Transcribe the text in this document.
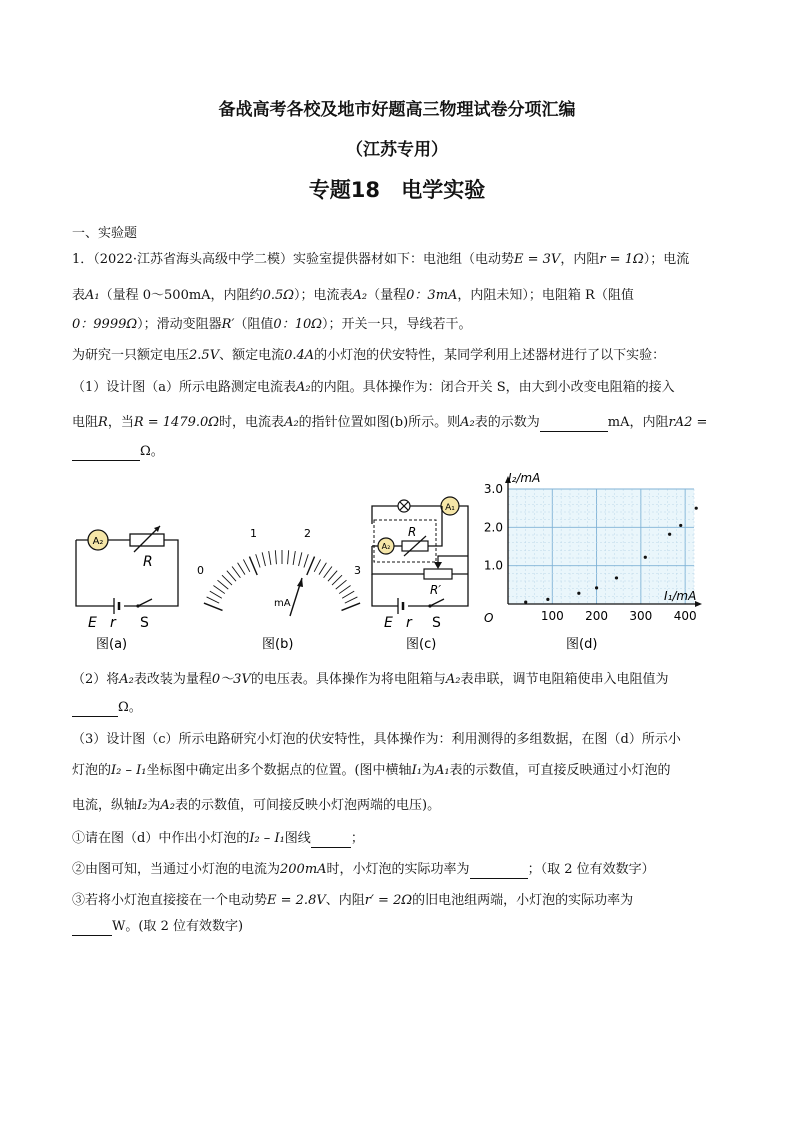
备战高考各校及地市好题高三物理试卷分项汇编
（江苏专用）
专题18 电学实验
一、实验题
1．（2022·江苏省海头高级中学二模）实验室提供器材如下：电池组（电动势E = 3V，内阻r = 1Ω）；电流
表A₁（量程 0～500mA，内阻约0.5Ω）；电流表A₂（量程0：3mA，内阻未知）；电阻箱 R（阻值
0：9999Ω）；滑动变阻器R′（阻值0：10Ω）；开关一只，导线若干。
为研究一只额定电压2.5V、额定电流0.4A的小灯泡的伏安特性，某同学利用上述器材进行了以下实验：
（1）设计图（a）所示电路测定电流表A₂的内阻。具体操作为：闭合开关 S，由大到小改变电阻箱的接入
电阻R，当R = 1479.0Ω时，电流表A₂的指针位置如图(b)所示。则A₂表的示数为	mA，内阻rA2 =
Ω。
A₂
R
E r S
图(a)
0
1	2
3
mA
图(b)
A₁
A₂
R
R′
E r S
图(c)
100 200 300 400
1.0
2.0
3.0
I₂/mA
I₁/mA
O
图(d)
（2）将A₂表改装为量程0～3V的电压表。具体操作为将电阻箱与A₂表串联，调节电阻箱使串入电阻值为
Ω。
（3）设计图（c）所示电路研究小灯泡的伏安特性，具体操作为：利用测得的多组数据，在图（d）所示小
灯泡的I₂ – I₁坐标图中确定出多个数据点的位置。(图中横轴I₁为A₁表的示数值，可直接反映通过小灯泡的
电流，纵轴I₂为A₂表的示数值，可间接反映小灯泡两端的电压)。
①请在图（d）中作出小灯泡的I₂ – I₁图线	；
②由图可知，当通过小灯泡的电流为200mA时，小灯泡的实际功率为	；（取 2 位有效数字）
③若将小灯泡直接接在一个电动势E = 2.8V、内阻r′ = 2Ω的旧电池组两端，小灯泡的实际功率为
W。(取 2 位有效数字)
